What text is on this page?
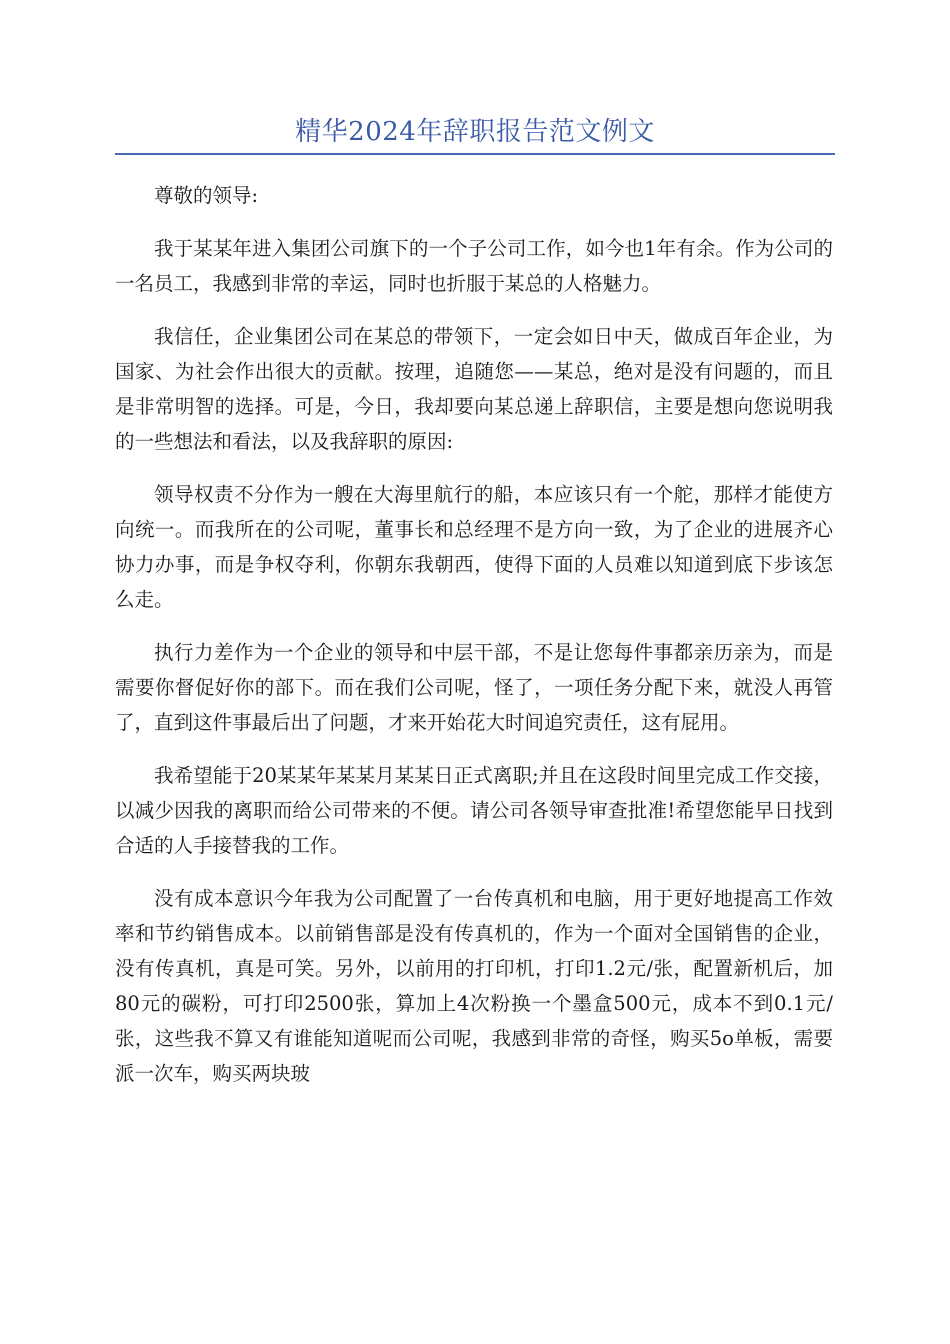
精华2024年辞职报告范文例文

尊敬的领导:

我于某某年进入集团公司旗下的一个子公司工作，如今也1年有余。作为公司的一名员工，我感到非常的幸运，同时也折服于某总的人格魅力。

我信任，企业集团公司在某总的带领下，一定会如日中天，做成百年企业，为国家、为社会作出很大的贡献。按理，追随您——某总，绝对是没有问题的，而且是非常明智的选择。可是，今日，我却要向某总递上辞职信，主要是想向您说明我的一些想法和看法，以及我辞职的原因:

领导权责不分作为一艘在大海里航行的船，本应该只有一个舵，那样才能使方向统一。而我所在的公司呢，董事长和总经理不是方向一致，为了企业的进展齐心协力办事，而是争权夺利，你朝东我朝西，使得下面的人员难以知道到底下步该怎么走。

执行力差作为一个企业的领导和中层干部，不是让您每件事都亲历亲为，而是需要你督促好你的部下。而在我们公司呢，怪了，一项任务分配下来，就没人再管了，直到这件事最后出了问题，才来开始花大时间追究责任，这有屁用。

我希望能于20某某年某某月某某日正式离职;并且在这段时间里完成工作交接，以减少因我的离职而给公司带来的不便。请公司各领导审查批准!希望您能早日找到合适的人手接替我的工作。

没有成本意识今年我为公司配置了一台传真机和电脑，用于更好地提高工作效率和节约销售成本。以前销售部是没有传真机的，作为一个面对全国销售的企业，没有传真机，真是可笑。另外，以前用的打印机，打印1.2元/张，配置新机后，加80元的碳粉，可打印2500张，算加上4次粉换一个墨盒500元，成本不到0.1元/张，这些我不算又有谁能知道呢而公司呢，我感到非常的奇怪，购买5o单板，需要派一次车，购买两块玻
